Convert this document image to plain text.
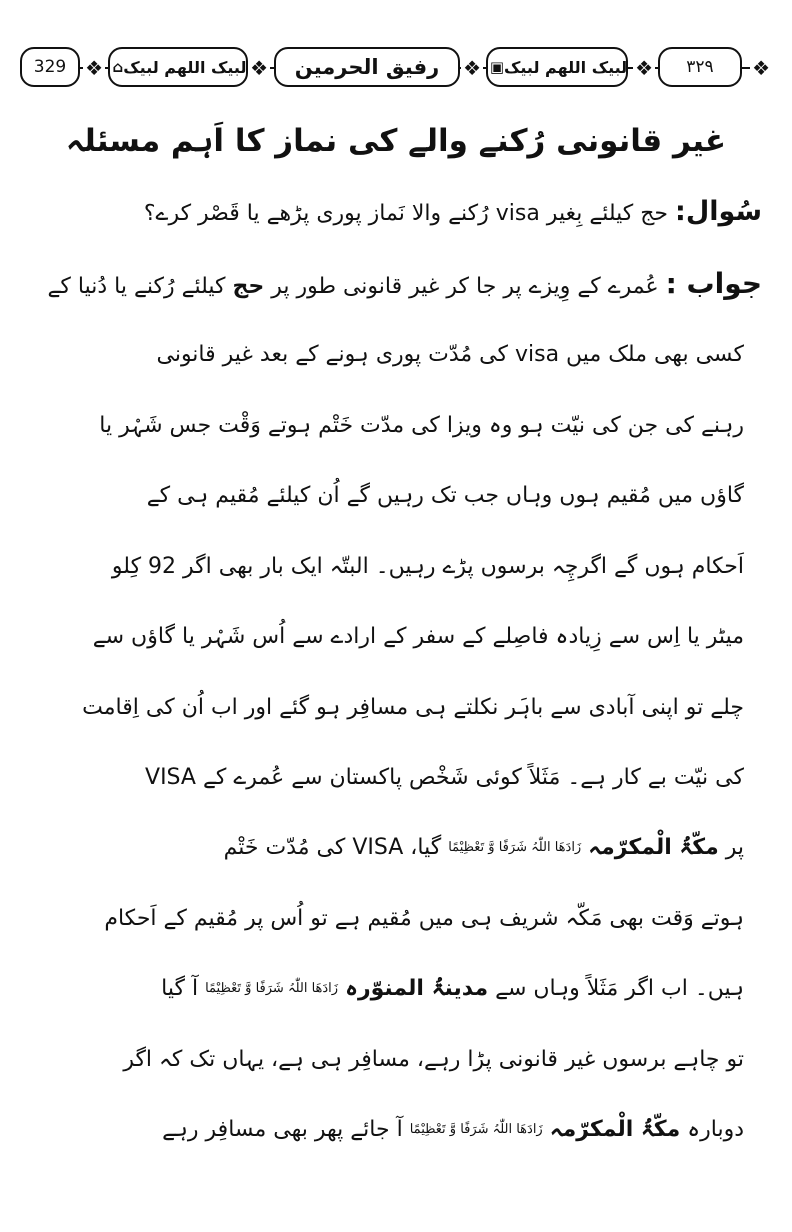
❖
۳۲۹
❖
▣ لبیک اللھم لبیک
❖
رفیق الحرمین
❖
⌂ لبیک اللھم لبیک
❖
329
غیر قانونی رُکنے والے کی نماز کا اَہم مسئلہ
سُوال: حج کیلئے بِغیر visa رُکنے والا نَماز پوری پڑھے یا قَصْر کرے؟
جواب : عُمرے کے وِیزے پر جا کر غیر قانونی طور پر حج کیلئے رُکنے یا دُنیا کے
کسی بھی ملک میں visa کی مُدّت پوری ہونے کے بعد غیر قانونی
رہنے کی جن کی نیّت ہو وہ ویزا کی مدّت خَتْم ہوتے وَقْت جس شَہْر یا
گاؤں میں مُقیم ہوں وہاں جب تک رہیں گے اُن کیلئے مُقیم ہی کے
اَحکام ہوں گے اگرچِہ برسوں پڑے رہیں۔ البتّہ ایک بار بھی اگر 92 کِلو
میٹر یا اِس سے زِیادہ فاصِلے کے سفر کے ارادے سے اُس شَہْر یا گاؤں سے
چلے تو اپنی آبادی سے باہَر نکلتے ہی مسافِر ہو گئے اور اب اُن کی اِقامت
کی نیّت بے کار ہے۔ مَثَلاً کوئی شَخْص پاکستان سے عُمرے کے VISA
پر مکّۃُ الْمکرّمہ زَادَھَا اللّٰہُ شَرَفًا وَّ تَعْظِیْمًا گیا، VISA کی مُدّت خَتْم
ہوتے وَقت بھی مَکّہ شریف ہی میں مُقیم ہے تو اُس پر مُقیم کے اَحکام
ہیں۔ اب اگر مَثَلاً وہاں سے مدینۃُ المنوّرہ زَادَھَا اللّٰہُ شَرَفًا وَّ تَعْظِیْمًا آ گیا
تو چاہے برسوں غیر قانونی پڑا رہے، مسافِر ہی ہے، یہاں تک کہ اگر
دوبارہ مکّۃُ الْمکرّمہ زَادَھَا اللّٰہُ شَرَفًا وَّ تَعْظِیْمًا آ جائے پھر بھی مسافِر رہے
